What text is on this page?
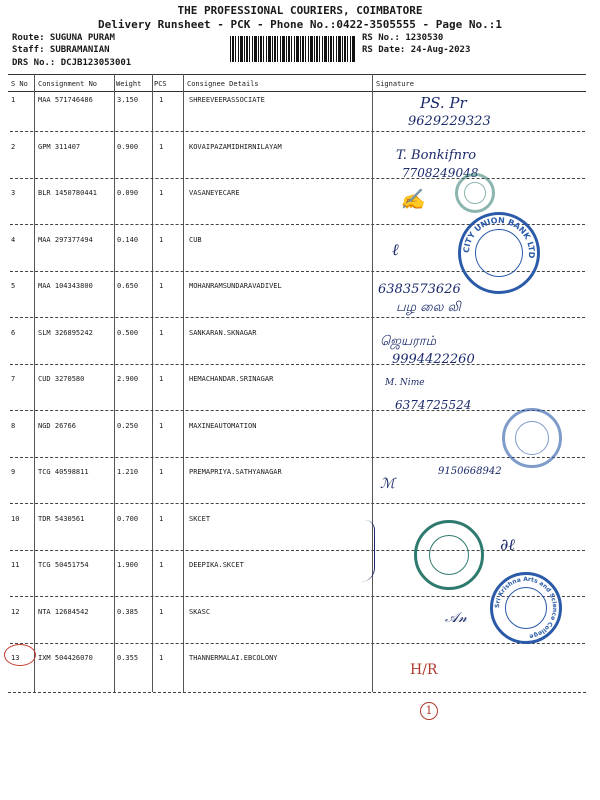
THE PROFESSIONAL COURIERS, COIMBATORE
Delivery Runsheet - PCK - Phone No.:0422-3505555 - Page No.:1
Route: SUGUNA PURAM
Staff: SUBRAMANIAN
DRS No.: DCJB123053001
RS No.: 1230530
RS Date: 24-Aug-2023
S No Consignment No	Weight PCS	Consignee Details	Signature
1	MAA 571746486	3.150	1	SHREEVEERASSOCIATE
2	GPM 311407	0.900	1	KOVAIPAZAMIDHIRNILAYAM
3	BLR 1450780441	0.090	1	VASANEYECARE
4	MAA 297377494	0.140	1	CUB
5	MAA 104343800	0.650	1	MOHANRAMSUNDARAVADIVEL
6	SLM 326895242	0.500	1	SANKARAN.SKNAGAR
7	CUD 3270580	2.900	1	HEMACHANDAR.SRINAGAR
8	NGD 26766	0.250	1	MAXINEAUTOMATION
9	TCG 40598811	1.210	1	PREMAPRIYA.SATHYANAGAR
10	TDR 5430561	0.700	1	SKCET
11	TCG 50451754	1.900	1	DEEPIKA.SKCET
12	NTA 12684542	0.385	1	SKASC
13	IXM 504426070	0.355	1	THANNERMALAI.EBCOLONY
PS. Pr
9629229323
T. Bonkifnro
7708249048
✍
ℓ
6383573626
பழ லை லி
ஜெயராம்
9994422260
M. Nime
6374725524
ℳ
9150668942
∂ℓ
𝒜𝓃
H/R
1
CITY UNION BANK LTD
Sri Krishna Arts and Science College
